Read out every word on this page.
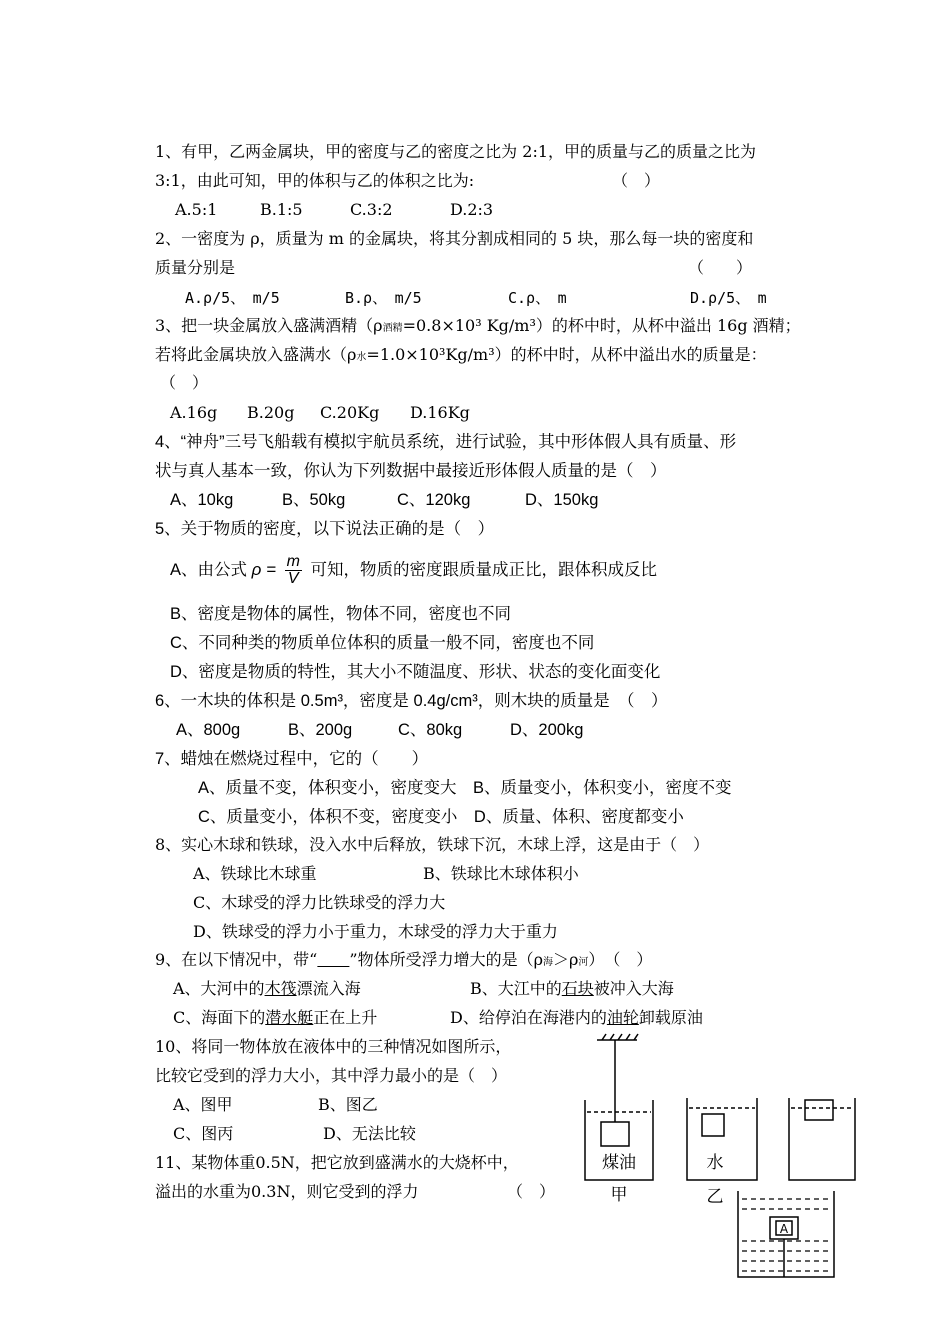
1、有甲，乙两金属块，甲的密度与乙的密度之比为 2:1，甲的质量与乙的质量之比为
3:1，由此可知，甲的体积与乙的体积之比为:	（　）
A.5:1	B.1:5	C.3:2	D.2:3
2、一密度为 ρ，质量为 m 的金属块，将其分割成相同的 5 块，那么每一块的密度和
质量分别是	（　　）
A.ρ/5、　m/5	B.ρ、　m/5	C.ρ、　m	D.ρ/5、　m
3、把一块金属放入盛满酒精（ρ酒精=0.8×10³ Kg/m³）的杯中时，从杯中溢出 16g 酒精；
若将此金属块放入盛满水（ρ水=1.0×10³Kg/m³）的杯中时，从杯中溢出水的质量是：
（　）
A.16g B.20g C.20Kg D.16Kg
4、“神舟”三号飞船载有模拟宇航员系统，进行试验，其中形体假人具有质量、形
状与真人基本一致，你认为下列数据中最接近形体假人质量的是（　）
A、10kg	B、50kg	C、120kg	D、150kg
5、关于物质的密度，以下说法正确的是（　）
A、由公式 $\rho = \frac{m}{V}$ 可知，物质的密度跟质量成正比，跟体积成反比
B、密度是物体的属性，物体不同，密度也不同
C、不同种类的物质单位体积的质量一般不同，密度也不同
D、密度是物质的特性，其大小不随温度、形状、状态的变化面变化
6、一木块的体积是 0.5m³，密度是 0.4g/cm³，则木块的质量是　（　）
A、800g	B、200g	C、80kg	D、200kg
7、蜡烛在燃烧过程中，它的（　　）
A、质量不变，体积变小，密度变大　B、质量变小，体积变小，密度不变
C、质量变小，体积不变，密度变小　D、质量、体积、密度都变小
8、实心木球和铁球，没入水中后释放，铁球下沉，木球上浮，这是由于（　）
A、铁球比木球重	B、铁球比木球体积小
C、木球受的浮力比铁球受的浮力大
D、铁球受的浮力小于重力，木球受的浮力大于重力
9、在以下情况中，带“　　 ”物体所受浮力增大的是（ρ海＞ρ河）　（　）
A、大河中的木筏漂流入海	B、大江中的石块被冲入大海
C、海面下的潜水艇正在上升	D、给停泊在海港内的油轮卸载原油
10、将同一物体放在液体中的三种情况如图所示，
比较它受到的浮力大小，其中浮力最小的是（　）
A、图甲	B、图乙
C、图丙	D、无法比较
11、某物体重0.5N，把它放到盛满水的大烧杯中，
溢出的水重为0.3N，则它受到的浮力	（　）
煤油
甲
水
乙
A
